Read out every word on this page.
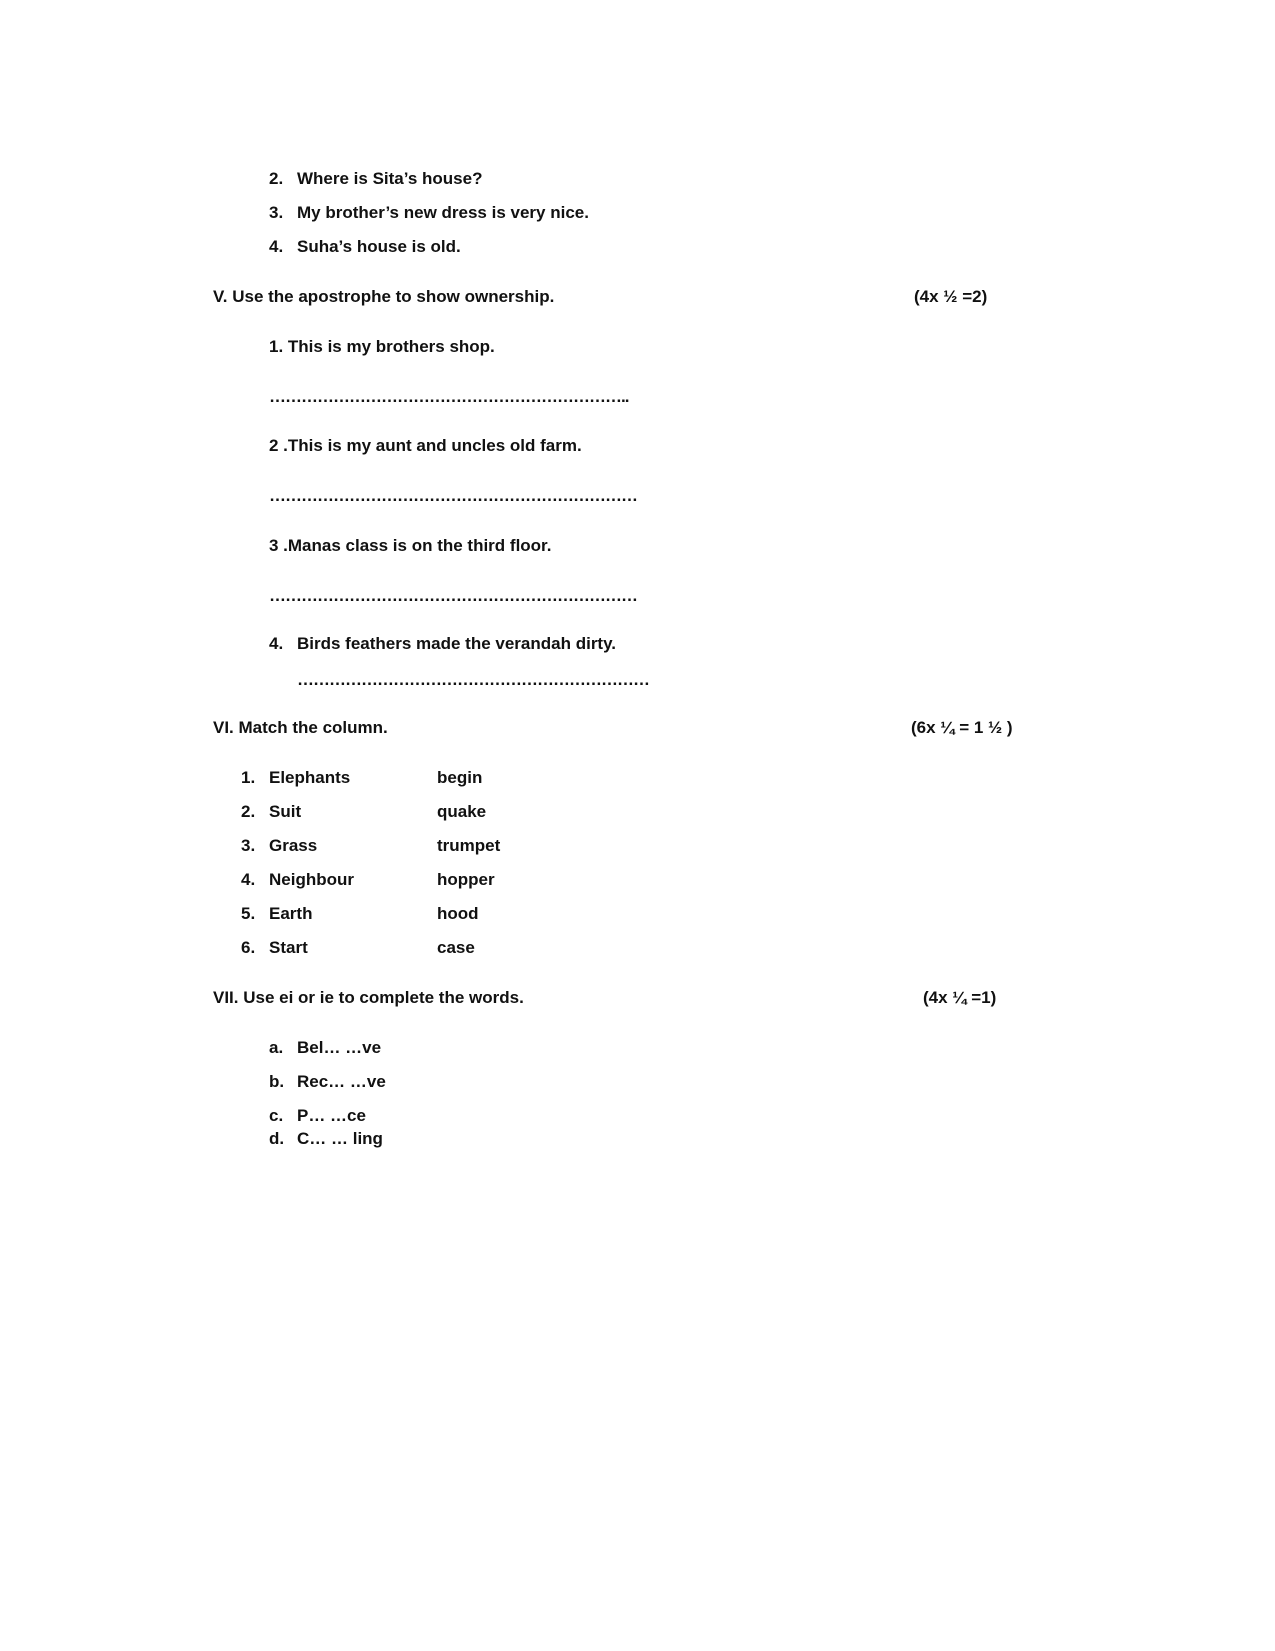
2. Where is Sita’s house?
3. My brother’s new dress is very nice.
4. Suha’s house is old.
V. Use the apostrophe to show ownership.	(4x ½ =2)
1. This is my brothers shop.
…………………………………………………………..
2 .This is my aunt and uncles old farm.
……………………………………………………………
3 .Manas class is on the third floor.
……………………………………………………………
4. Birds feathers made the verandah dirty.
…………………………………………………………
VI. Match the column.	(6x ¼ = 1 ½ )
1. Elephants	begin
2. Suit	quake
3. Grass	trumpet
4. Neighbour	hopper
5. Earth	hood
6. Start	case
VII. Use ei or ie to complete the words.	(4x ¼ =1)
a. Bel… …ve
b. Rec… …ve
c. P… …ce
d. C… … ling
